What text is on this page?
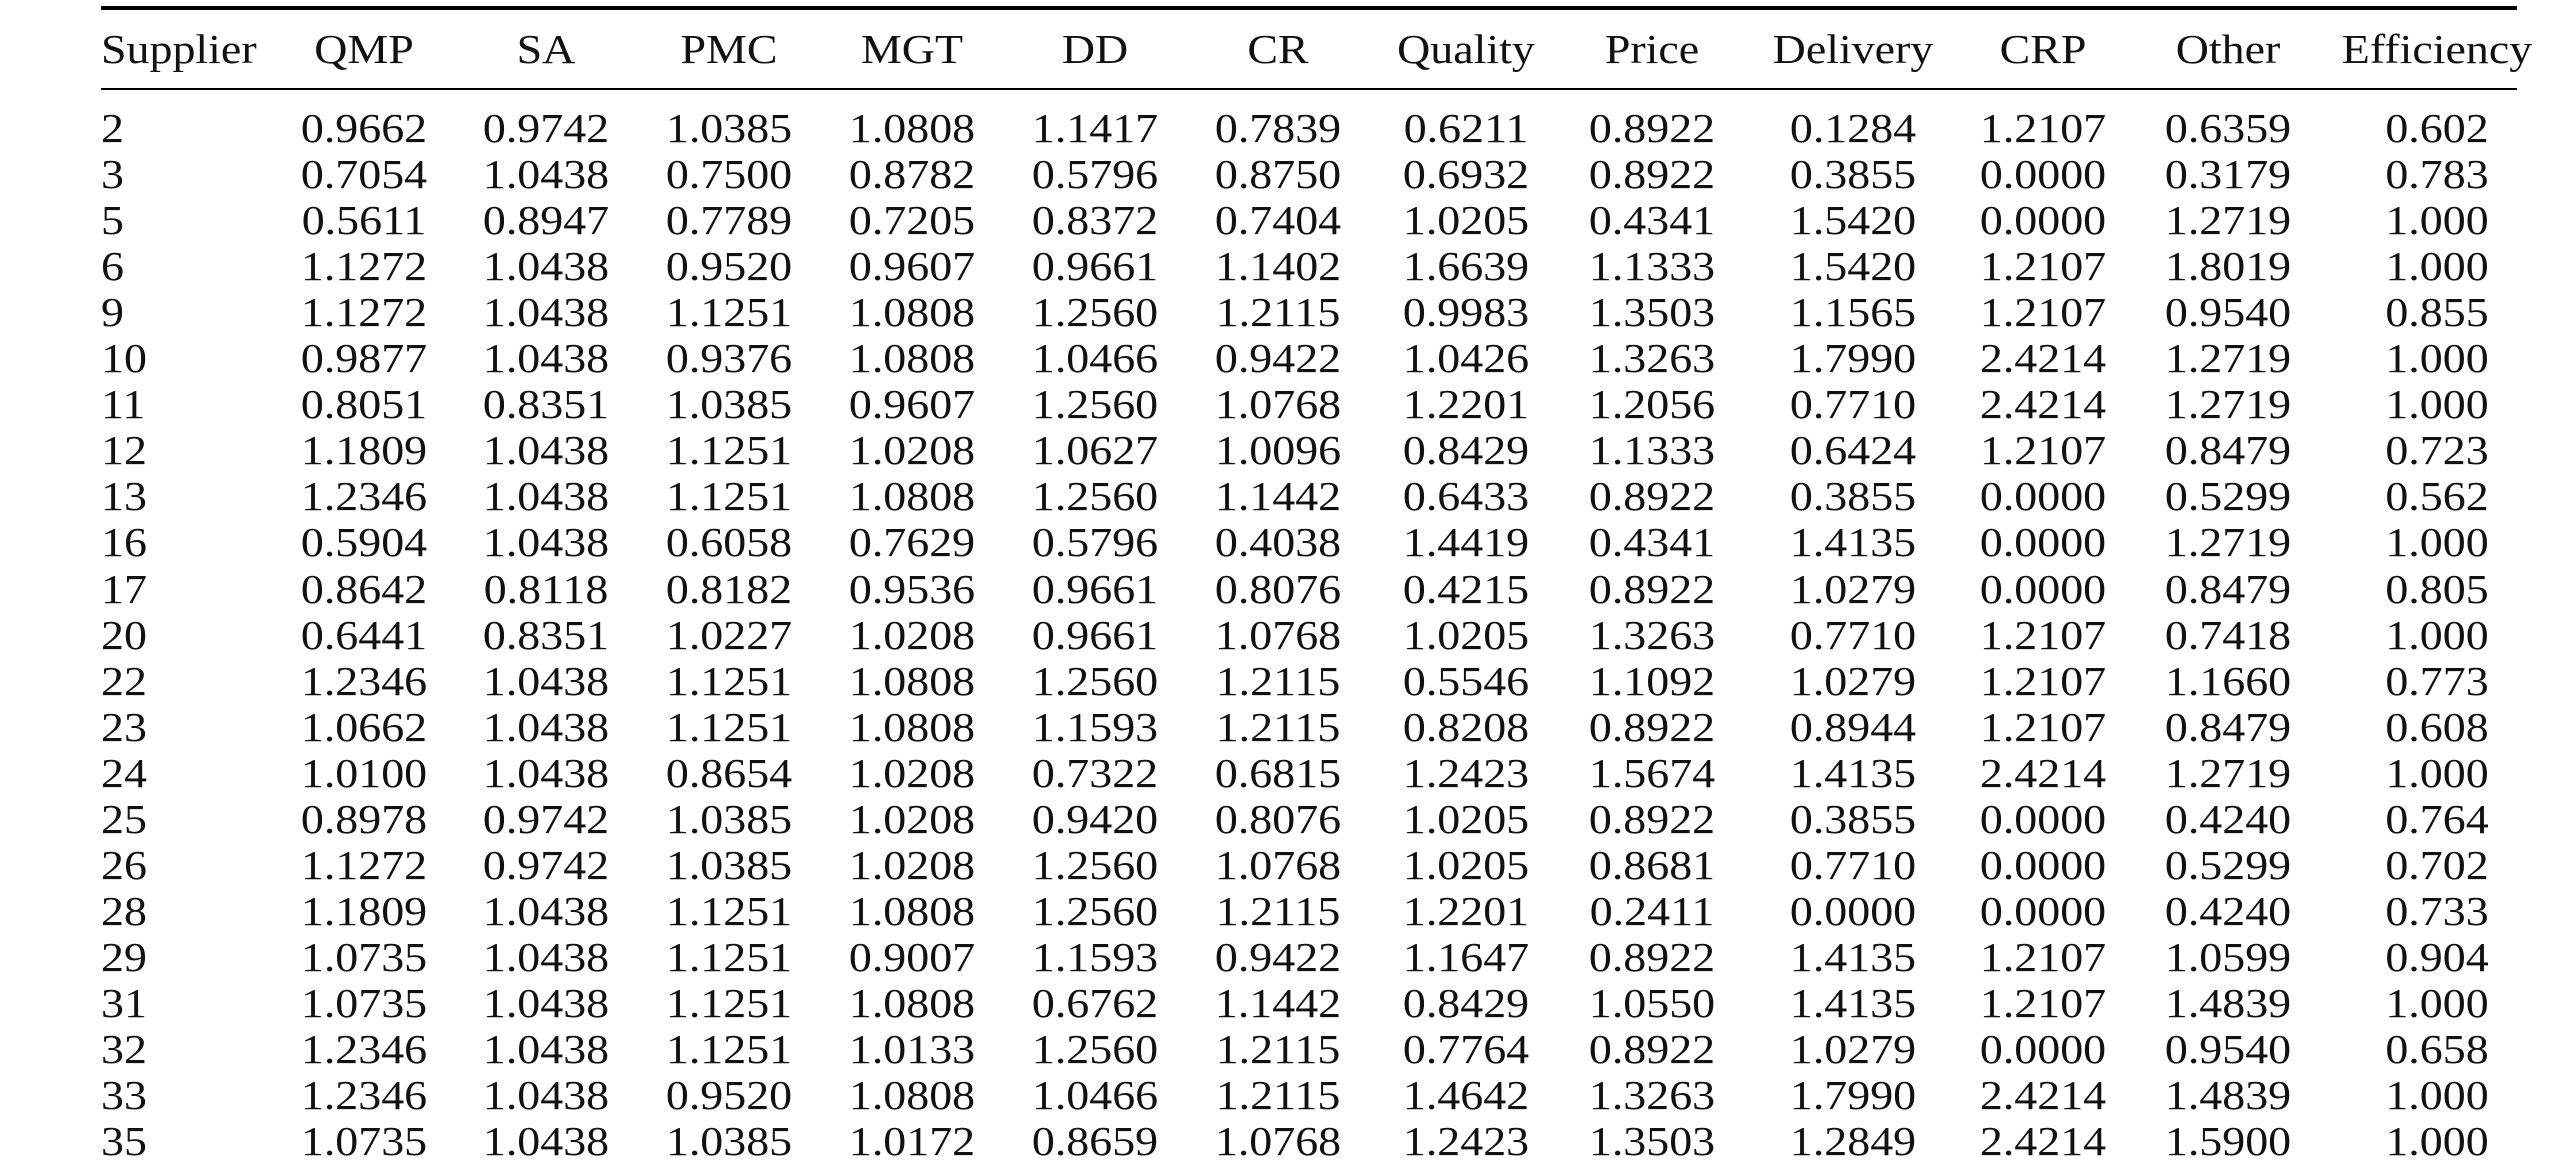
Supplier QMP	SA	PMC MGT DD	CR Quality Price Delivery CRP Other Efficiency
2	0.9662 0.9742 1.0385 1.0808 1.1417 0.7839 0.6211 0.8922 0.1284 1.2107 0.6359 0.602
3	0.7054 1.0438 0.7500 0.8782 0.5796 0.8750 0.6932 0.8922 0.3855 0.0000 0.3179 0.783
5	0.5611 0.8947 0.7789 0.7205 0.8372 0.7404 1.0205 0.4341 1.5420 0.0000 1.2719 1.000
6	1.1272 1.0438 0.9520 0.9607 0.9661 1.1402 1.6639 1.1333 1.5420 1.2107 1.8019 1.000
9	1.1272 1.0438 1.1251 1.0808 1.2560 1.2115 0.9983 1.3503 1.1565 1.2107 0.9540 0.855
10	0.9877 1.0438 0.9376 1.0808 1.0466 0.9422 1.0426 1.3263 1.7990 2.4214 1.2719 1.000
11	0.8051 0.8351 1.0385 0.9607 1.2560 1.0768 1.2201 1.2056 0.7710 2.4214 1.2719 1.000
12	1.1809 1.0438 1.1251 1.0208 1.0627 1.0096 0.8429 1.1333 0.6424 1.2107 0.8479 0.723
13	1.2346 1.0438 1.1251 1.0808 1.2560 1.1442 0.6433 0.8922 0.3855 0.0000 0.5299 0.562
16	0.5904 1.0438 0.6058 0.7629 0.5796 0.4038 1.4419 0.4341 1.4135 0.0000 1.2719 1.000
17	0.8642 0.8118 0.8182 0.9536 0.9661 0.8076 0.4215 0.8922 1.0279 0.0000 0.8479 0.805
20	0.6441 0.8351 1.0227 1.0208 0.9661 1.0768 1.0205 1.3263 0.7710 1.2107 0.7418 1.000
22	1.2346 1.0438 1.1251 1.0808 1.2560 1.2115 0.5546 1.1092 1.0279 1.2107 1.1660 0.773
23	1.0662 1.0438 1.1251 1.0808 1.1593 1.2115 0.8208 0.8922 0.8944 1.2107 0.8479 0.608
24	1.0100 1.0438 0.8654 1.0208 0.7322 0.6815 1.2423 1.5674 1.4135 2.4214 1.2719 1.000
25	0.8978 0.9742 1.0385 1.0208 0.9420 0.8076 1.0205 0.8922 0.3855 0.0000 0.4240 0.764
26	1.1272 0.9742 1.0385 1.0208 1.2560 1.0768 1.0205 0.8681 0.7710 0.0000 0.5299 0.702
28	1.1809 1.0438 1.1251 1.0808 1.2560 1.2115 1.2201 0.2411 0.0000 0.0000 0.4240 0.733
29	1.0735 1.0438 1.1251 0.9007 1.1593 0.9422 1.1647 0.8922 1.4135 1.2107 1.0599 0.904
31	1.0735 1.0438 1.1251 1.0808 0.6762 1.1442 0.8429 1.0550 1.4135 1.2107 1.4839 1.000
32	1.2346 1.0438 1.1251 1.0133 1.2560 1.2115 0.7764 0.8922 1.0279 0.0000 0.9540 0.658
33	1.2346 1.0438 0.9520 1.0808 1.0466 1.2115 1.4642 1.3263 1.7990 2.4214 1.4839 1.000
35	1.0735 1.0438 1.0385 1.0172 0.8659 1.0768 1.2423 1.3503 1.2849 2.4214 1.5900 1.000
